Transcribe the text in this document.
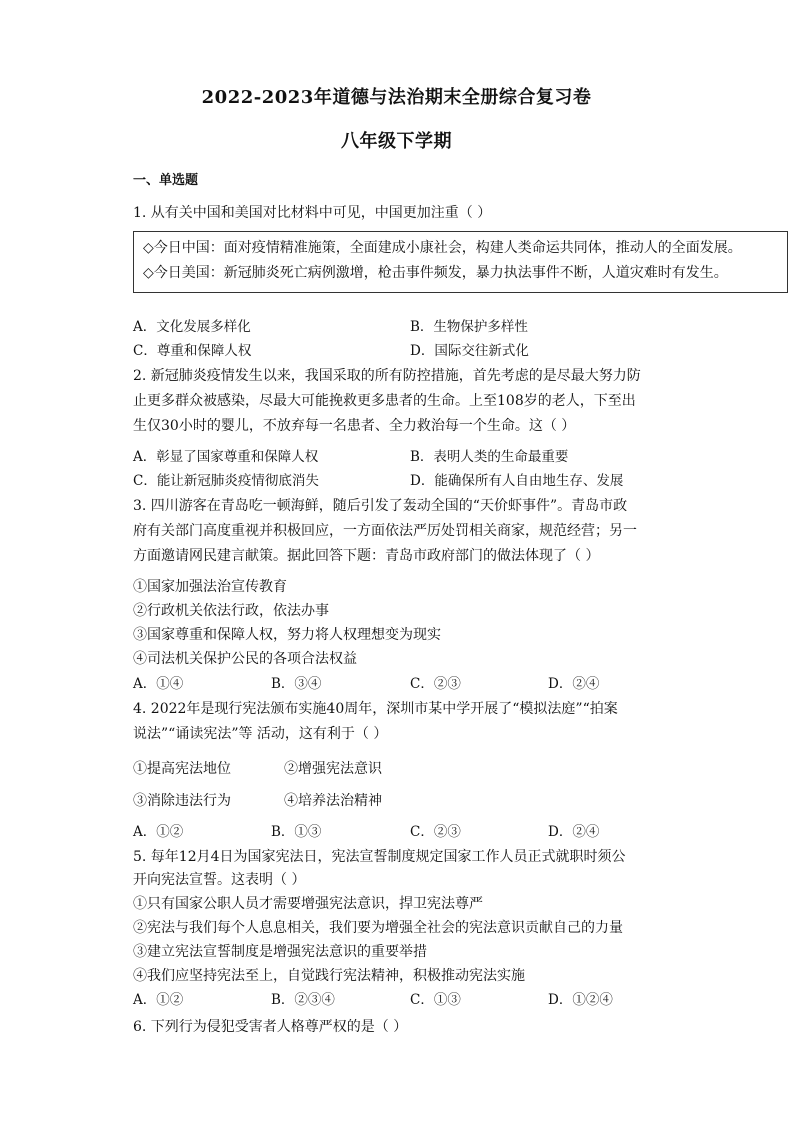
2022-2023年道德与法治期末全册综合复习卷
八年级下学期
一、单选题
1. 从有关中国和美国对比材料中可见，中国更加注重（ ）
◇今日中国：面对疫情精准施策，全面建成小康社会，构建人类命运共同体，推动人的全面发展。
◇今日美国：新冠肺炎死亡病例激增，枪击事件频发，暴力执法事件不断，人道灾难时有发生。
A．文化发展多样化	B．生物保护多样性
C．尊重和保障人权	D．国际交往新式化
2. 新冠肺炎疫情发生以来，我国采取的所有防控措施，首先考虑的是尽最大努力防
止更多群众被感染，尽最大可能挽救更多患者的生命。上至108岁的老人，下至出
生仅30小时的婴儿，不放弃每一名患者、全力救治每一个生命。这（ ）
A．彰显了国家尊重和保障人权	B．表明人类的生命最重要
C．能让新冠肺炎疫情彻底消失	D．能确保所有人自由地生存、发展
3. 四川游客在青岛吃一顿海鲜，随后引发了轰动全国的“天价虾事件”。青岛市政
府有关部门高度重视并积极回应，一方面依法严厉处罚相关商家，规范经营；另一
方面邀请网民建言献策。据此回答下题：青岛市政府部门的做法体现了（ ）
①国家加强法治宣传教育
②行政机关依法行政，依法办事
③国家尊重和保障人权，努力将人权理想变为现实
④司法机关保护公民的各项合法权益
A．①④	B．③④	C．②③	D．②④
4. 2022年是现行宪法颁布实施40周年，深圳市某中学开展了“模拟法庭”“拍案
说法”“诵读宪法”等 活动，这有利于（ ）
①提高宪法地位	②增强宪法意识
③消除违法行为	④培养法治精神
A．①②	B．①③	C．②③	D．②④
5. 每年12月4日为国家宪法日，宪法宣誓制度规定国家工作人员正式就职时须公
开向宪法宣誓。这表明（ ）
①只有国家公职人员才需要增强宪法意识，捍卫宪法尊严
②宪法与我们每个人息息相关，我们要为增强全社会的宪法意识贡献自己的力量
③建立宪法宣誓制度是增强宪法意识的重要举措
④我们应坚持宪法至上，自觉践行宪法精神，积极推动宪法实施
A．①②	B．②③④	C．①③	D．①②④
6. 下列行为侵犯受害者人格尊严权的是（ ）
